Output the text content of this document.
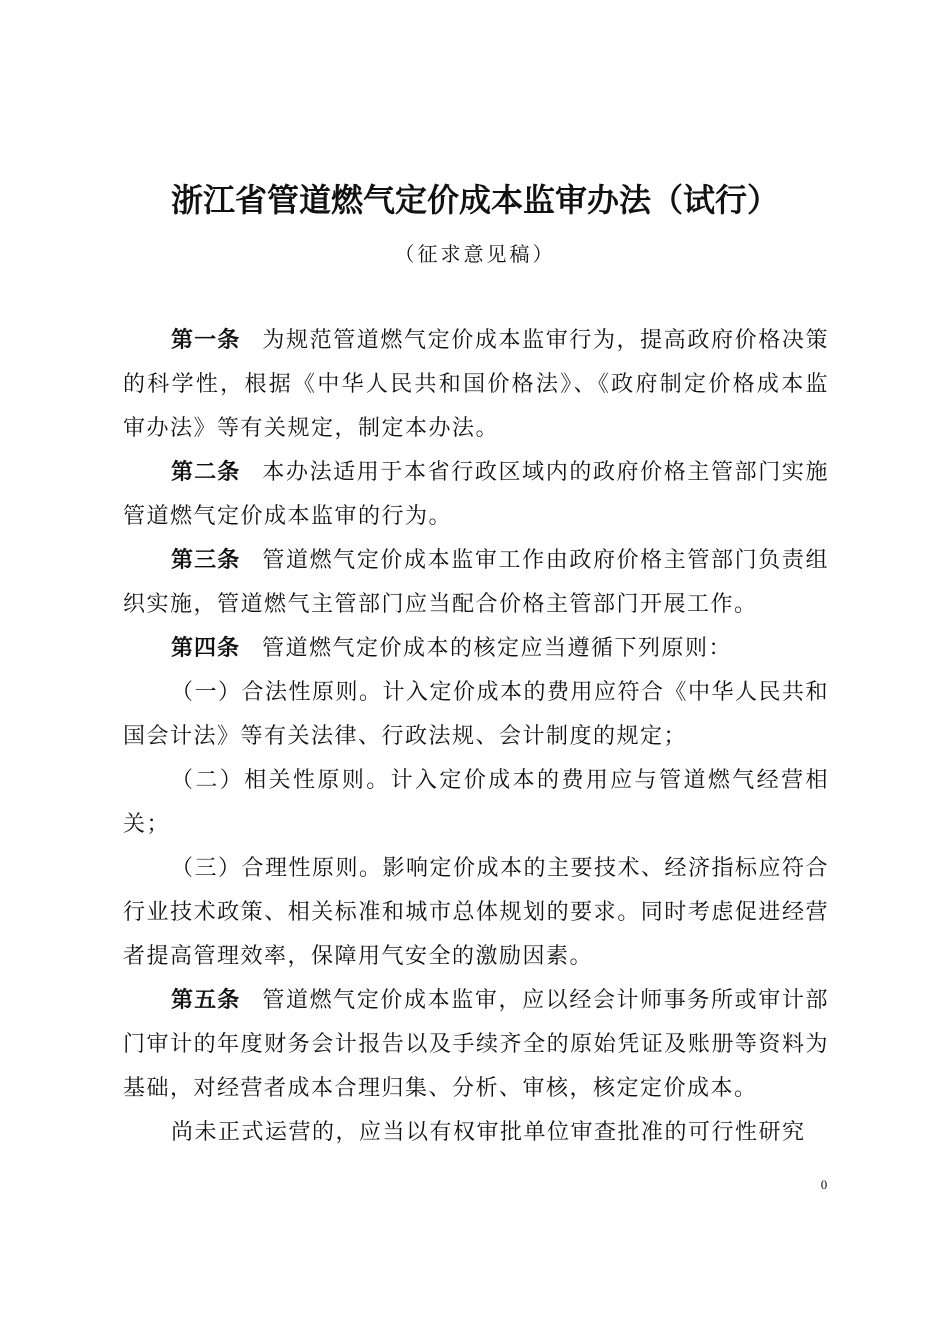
浙江省管道燃气定价成本监审办法（试行）
（征求意见稿）

第一条 为规范管道燃气定价成本监审行为，提高政府价格决策的科学性，根据《中华人民共和国价格法》、《政府制定价格成本监审办法》等有关规定，制定本办法。

第二条 本办法适用于本省行政区域内的政府价格主管部门实施管道燃气定价成本监审的行为。

第三条 管道燃气定价成本监审工作由政府价格主管部门负责组织实施，管道燃气主管部门应当配合价格主管部门开展工作。

第四条 管道燃气定价成本的核定应当遵循下列原则：

（一）合法性原则。计入定价成本的费用应符合《中华人民共和国会计法》等有关法律、行政法规、会计制度的规定；

（二）相关性原则。计入定价成本的费用应与管道燃气经营相关；

（三）合理性原则。影响定价成本的主要技术、经济指标应符合行业技术政策、相关标准和城市总体规划的要求。同时考虑促进经营者提高管理效率，保障用气安全的激励因素。

第五条 管道燃气定价成本监审，应以经会计师事务所或审计部门审计的年度财务会计报告以及手续齐全的原始凭证及账册等资料为基础，对经营者成本合理归集、分析、审核，核定定价成本。

尚未正式运营的，应当以有权审批单位审查批准的可行性研究

0
